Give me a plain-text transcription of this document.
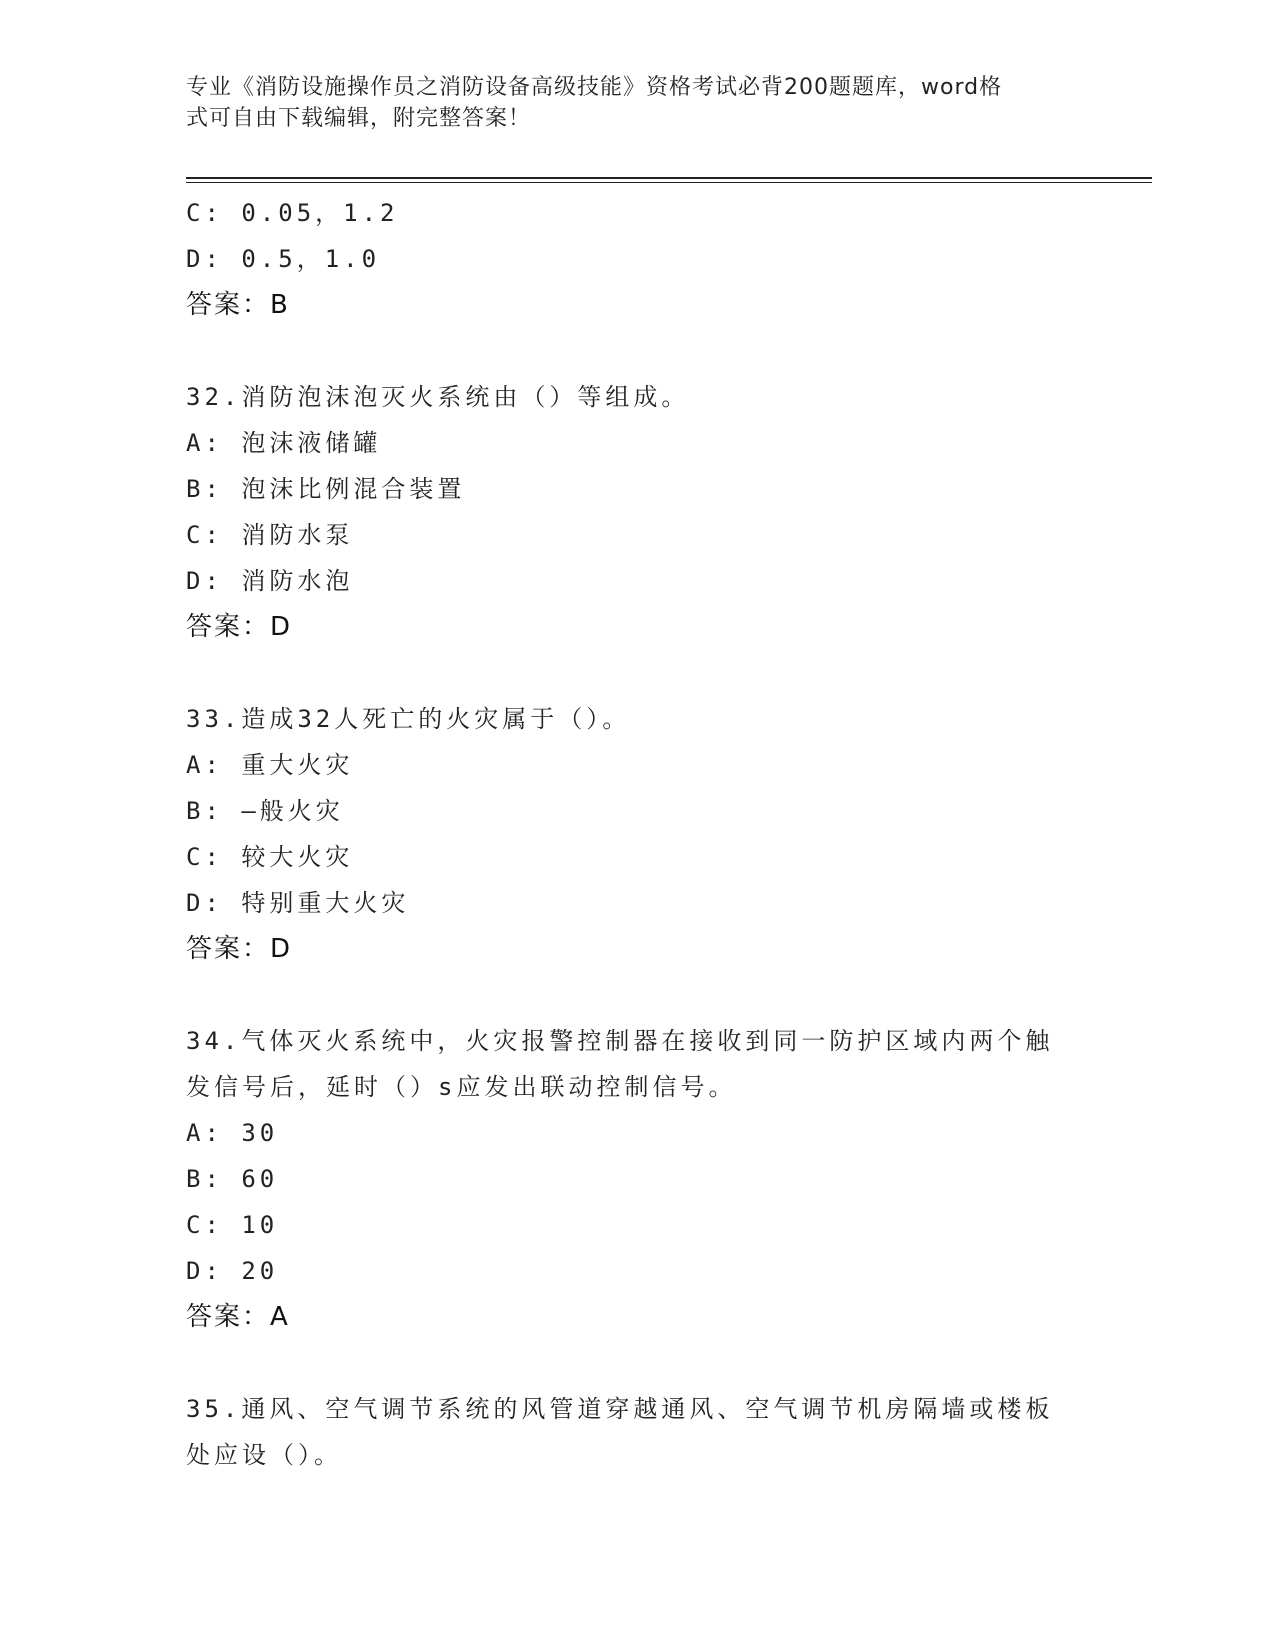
专业《消防设施操作员之消防设备高级技能》资格考试必背200题题库，word格
式可自由下载编辑，附完整答案！
C: 0.05，1.2
D: 0.5，1.0
答案：B
32.消防泡沫泡灭火系统由（）等组成。
A: 泡沫液储罐
B: 泡沫比例混合装置
C: 消防水泵
D: 消防水泡
答案：D
33.造成32人死亡的火灾属于（）。
A: 重大火灾
B: —般火灾
C: 较大火灾
D: 特别重大火灾
答案：D
34.气体灭火系统中，火灾报警控制器在接收到同一防护区域内两个触
发信号后，延时（）s应发出联动控制信号。
A: 30
B: 60
C: 10
D: 20
答案：A
35.通风、空气调节系统的风管道穿越通风、空气调节机房隔墙或楼板
处应设（）。
